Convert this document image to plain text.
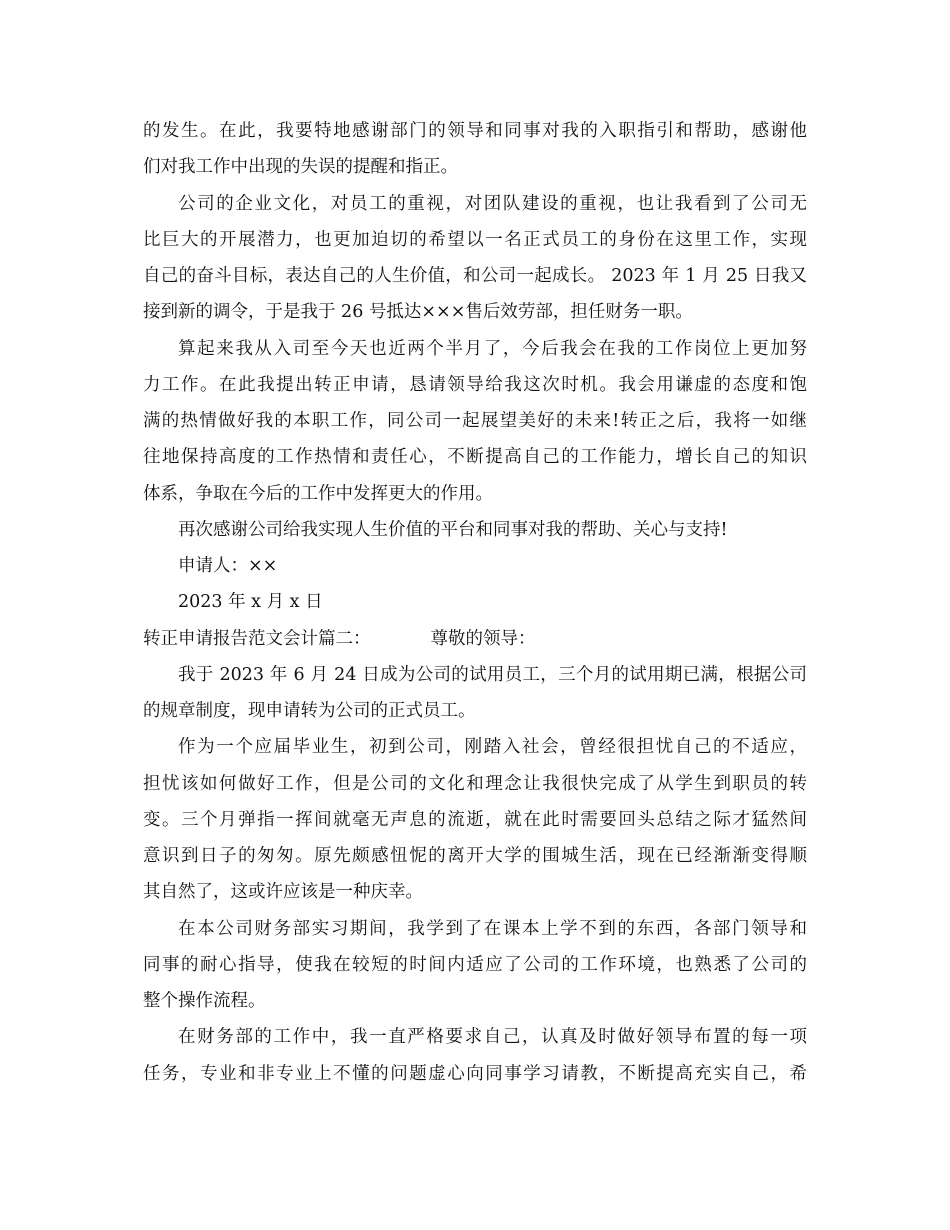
的发生。在此，我要特地感谢部门的领导和同事对我的入职指引和帮助，感谢他
们对我工作中出现的失误的提醒和指正。
公司的企业文化，对员工的重视，对团队建设的重视，也让我看到了公司无
比巨大的开展潜力，也更加迫切的希望以一名正式员工的身份在这里工作，实现
自己的奋斗目标，表达自己的人生价值，和公司一起成长。 2023 年 1 月 25 日我又
接到新的调令，于是我于 26 号抵达×××售后效劳部，担任财务一职。
算起来我从入司至今天也近两个半月了，今后我会在我的工作岗位上更加努
力工作。在此我提出转正申请，恳请领导给我这次时机。我会用谦虚的态度和饱
满的热情做好我的本职工作，同公司一起展望美好的未来!转正之后，我将一如继
往地保持高度的工作热情和责任心，不断提高自己的工作能力，增长自己的知识
体系，争取在今后的工作中发挥更大的作用。
再次感谢公司给我实现人生价值的平台和同事对我的帮助、关心与支持!
申请人：××
2023 年 x 月 x 日
转正申请报告范文会计篇二：	尊敬的领导：
我于 2023 年 6 月 24 日成为公司的试用员工，三个月的试用期已满，根据公司
的规章制度，现申请转为公司的正式员工。
作为一个应届毕业生，初到公司，刚踏入社会，曾经很担忧自己的不适应，
担忧该如何做好工作，但是公司的文化和理念让我很快完成了从学生到职员的转
变。三个月弹指一挥间就毫无声息的流逝，就在此时需要回头总结之际才猛然间
意识到日子的匆匆。原先颇感忸怩的离开大学的围城生活，现在已经渐渐变得顺
其自然了，这或许应该是一种庆幸。
在本公司财务部实习期间，我学到了在课本上学不到的东西，各部门领导和
同事的耐心指导，使我在较短的时间内适应了公司的工作环境，也熟悉了公司的
整个操作流程。
在财务部的工作中，我一直严格要求自己，认真及时做好领导布置的每一项
任务，专业和非专业上不懂的问题虚心向同事学习请教，不断提高充实自己，希
